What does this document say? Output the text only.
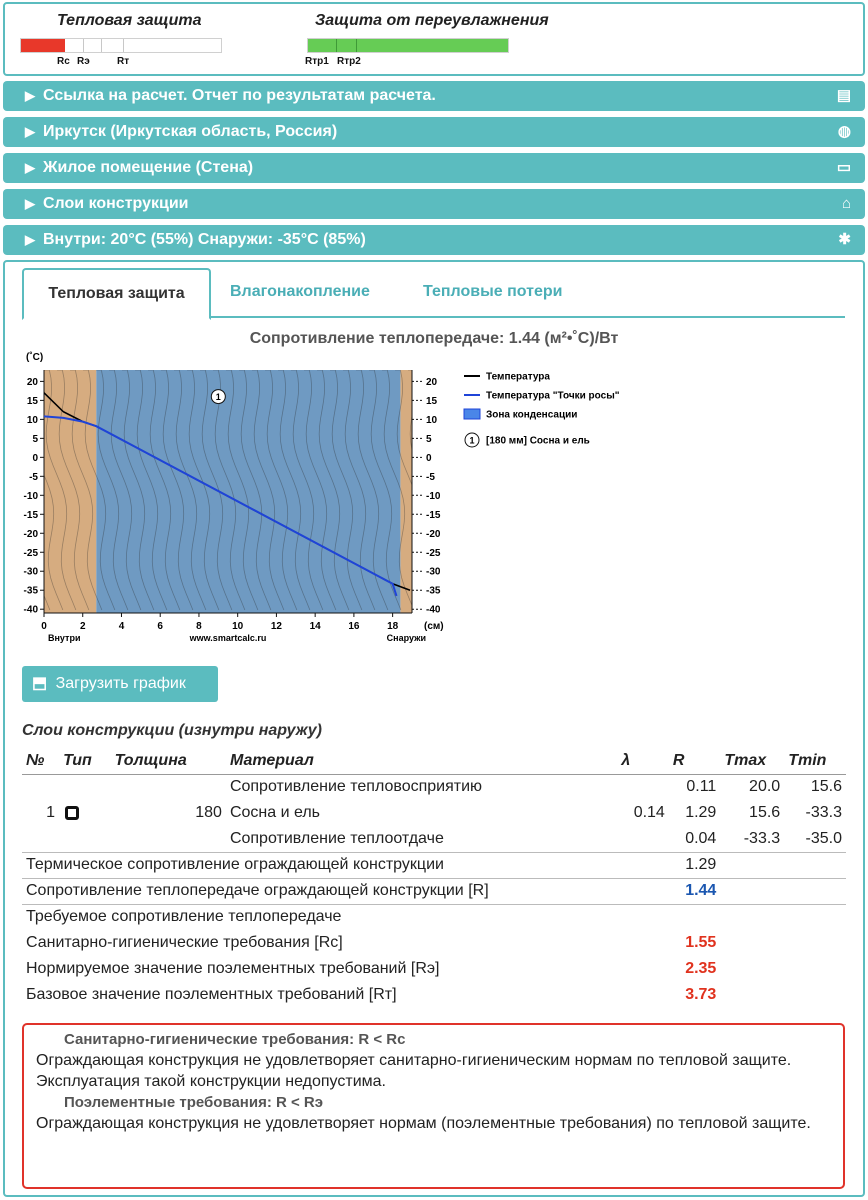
Тепловая защита
Rc Rэ	Rт
Защита от переувлажнения
Rтр1 Rтр2
▶ Ссылка на расчет. Отчет по результатам расчета.	▤
▶ Иркутск (Иркутская область, Россия)	◍
▶ Жилое помещение (Стена)	▭
▶ Слои конструкции	⌂
▶ Внутри: 20°C (55%) Снаружи: -35°C (85%)	✱
Тепловая защита	Влагонакопление	Тепловые потери
Сопротивление теплопередаче: 1.44 (м²•˚C)/Вт
20	20
15	15
10	10
5	5
0	0
-5	-5
-10	-10
-15	-15
-20	-20
-25	-25
-30	-30
-35	-35
-40	-40
0	2	4	6	8	10	12	14	16	18
(˚C)
(см)
Внутри	www.smartcalc.ru	Снаружи
1
1
Температура
Температура "Точки росы"
Зона конденсации
[180 мм] Сосна и ель
⬒ Загрузить график
Слои конструкции (изнутри наружу)
№	Тип	Толщина	Материал	λ	R	Tmax	Tmin
			Сопротивление тепловосприятию		0.11	20.0	15.6
1		180	Сосна и ель	0.14	1.29	15.6	-33.3
			Сопротивление теплоотдаче		0.04	-33.3	-35.0
Термическое сопротивление ограждающей конструкции					1.29		
Сопротивление теплопередаче ограждающей конструкции [R]					1.44		
Требуемое сопротивление теплопередаче							
Санитарно-гигиенические требования [Rc]					1.55		
Нормируемое значение поэлементных требований [Rэ]					2.35		
Базовое значение поэлементных требований [Rт]					3.73		
Санитарно-гигиенические требования: R < Rc
Ограждающая конструкция не удовлетворяет санитарно-гигиеническим нормам по тепловой защите.
Эксплуатация такой конструкции недопустима.
Поэлементные требования: R < Rэ
Ограждающая конструкция не удовлетворяет нормам (поэлементные требования) по тепловой защите.
